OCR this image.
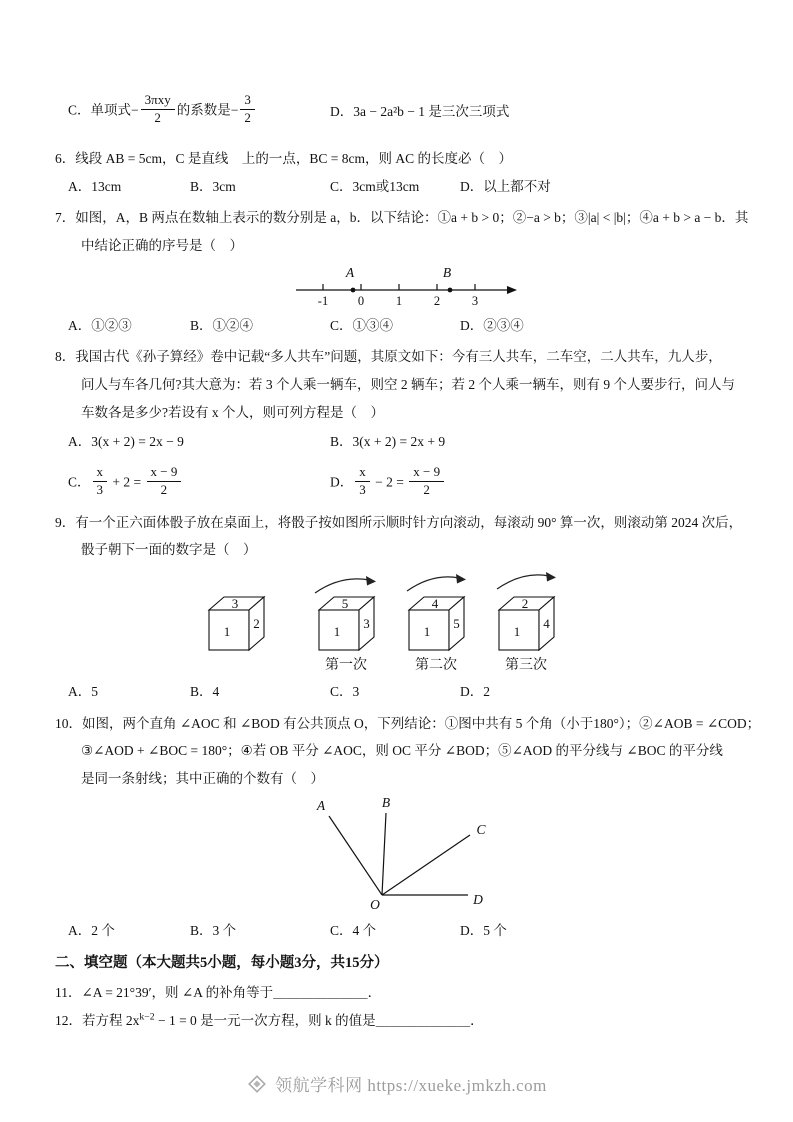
C．单项式− $\frac{\text{3πxy}}{2}$ 的系数是− $\frac{3}{2}$	D．3a − 2a²b − 1 是三次三项式
6．线段 AB = 5cm，C 是直线　上的一点，BC = 8cm，则 AC 的长度必（　）
A．13cm	B．3cm	C．3cm或13cm	D．以上都不对
7．如图，A，B 两点在数轴上表示的数分别是 a，b．以下结论：①a + b > 0；②−a > b；③|a| < |b|；④a + b > a − b．其
中结论正确的序号是（　）
A	B
-1 0	1	2	3
A．①②③	B．①②④	C．①③④	D．②③④
8．我国古代《孙子算经》卷中记载“多人共车”问题，其原文如下：今有三人共车，二车空，二人共车，九人步，
问人与车各几何?其大意为：若 3 个人乘一辆车，则空 2 辆车；若 2 个人乘一辆车，则有 9 个人要步行，问人与
车数各是多少?若设有 x 个人，则可列方程是（　）
A．3(x + 2) = 2x − 9	B．3(x + 2) = 2x + 9
C． $\frac{x}{3} + 2 = \frac{x - 9}{2}$	D． $\frac{x}{3} - 2 = \frac{x - 9}{2}$
9．有一个正六面体骰子放在桌面上，将骰子按如图所示顺时针方向滚动，每滚动 90° 算一次，则滚动第 2024 次后，
骰子朝下一面的数字是（　）
3
1
2
5
1
3
4
1
5
2
1
4
第一次	第二次	第三次
A．5	B．4	C．3	D．2
10．如图，两个直角 ∠AOC 和 ∠BOD 有公共顶点 O，下列结论：①图中共有 5 个角（小于180°）；②∠AOB = ∠COD；
③∠AOD + ∠BOC = 180°；④若 OB 平分 ∠AOC，则 OC 平分 ∠BOD；⑤∠AOD 的平分线与 ∠BOC 的平分线
是同一条射线；其中正确的个数有（　）
A	B
C
D
O
A．2 个	B．3 个	C．4 个	D．5 个
二、填空题（本大题共5小题，每小题3分，共15分）
11．∠A = 21°39′，则 ∠A 的补角等于＿＿＿＿＿＿＿．
12．若方程 $2x^{k-2} - 1 = 0$ 是一元一次方程，则 k 的值是＿＿＿＿＿＿＿．
领航学科网 https://xueke.jmkzh.com
